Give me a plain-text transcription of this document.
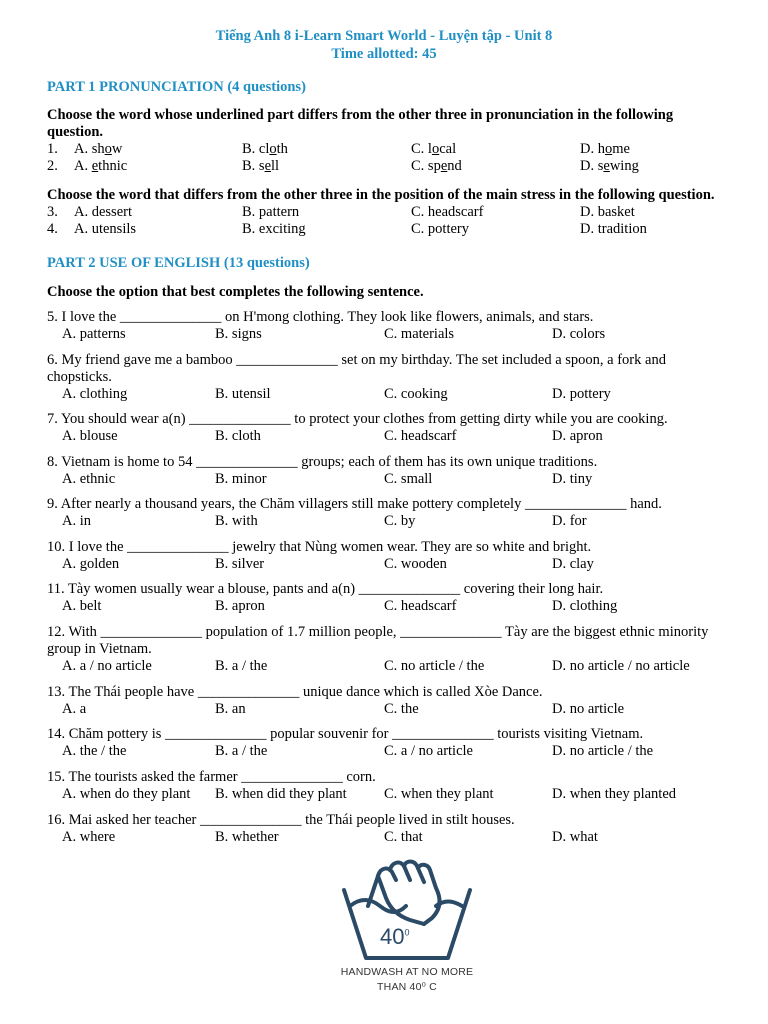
Tiếng Anh 8 i-Learn Smart World - Luyện tập - Unit 8
Time allotted: 45
PART 1 PRONUNCIATION (4 questions)
Choose the word whose underlined part differs from the other three in pronunciation in the following
question.
1. A. show	B. cloth	C. local	D. home
2. A. ethnic	B. sell	C. spend	D. sewing
Choose the word that differs from the other three in the position of the main stress in the following question.
3. A. dessert	B. pattern	C. headscarf	D. basket
4. A. utensils	B. exciting	C. pottery	D. tradition
PART 2 USE OF ENGLISH (13 questions)
Choose the option that best completes the following sentence.
5. I love the ______________ on H'mong clothing. They look like flowers, animals, and stars.
A. patterns	B. signs	C. materials	D. colors
6. My friend gave me a bamboo ______________ set on my birthday. The set included a spoon, a fork and
chopsticks.
A. clothing	B. utensil	C. cooking	D. pottery
7. You should wear a(n) ______________ to protect your clothes from getting dirty while you are cooking.
A. blouse	B. cloth	C. headscarf	D. apron
8. Vietnam is home to 54 ______________ groups; each of them has its own unique traditions.
A. ethnic	B. minor	C. small	D. tiny
9. After nearly a thousand years, the Chăm villagers still make pottery completely ______________ hand.
A. in	B. with	C. by	D. for
10. I love the ______________ jewelry that Nùng women wear. They are so white and bright.
A. golden	B. silver	C. wooden	D. clay
11. Tày women usually wear a blouse, pants and a(n) ______________ covering their long hair.
A. belt	B. apron	C. headscarf	D. clothing
12. With ______________ population of 1.7 million people, ______________ Tày are the biggest ethnic minority
group in Vietnam.
A. a / no article	B. a / the	C. no article / the	D. no article / no article
13. The Thái people have ______________ unique dance which is called Xòe Dance.
A. a	B. an	C. the	D. no article
14. Chăm pottery is ______________ popular souvenir for ______________ tourists visiting Vietnam.
A. the / the	B. a / the	C. a / no article	D. no article / the
15. The tourists asked the farmer ______________ corn.
A. when do they plant B. when did they plant	C. when they plant	D. when they planted
16. Mai asked her teacher ______________ the Thái people lived in stilt houses.
A. where	B. whether	C. that	D. what
$40^0$
HANDWASH AT NO MORE
THAN 40⁰ C
